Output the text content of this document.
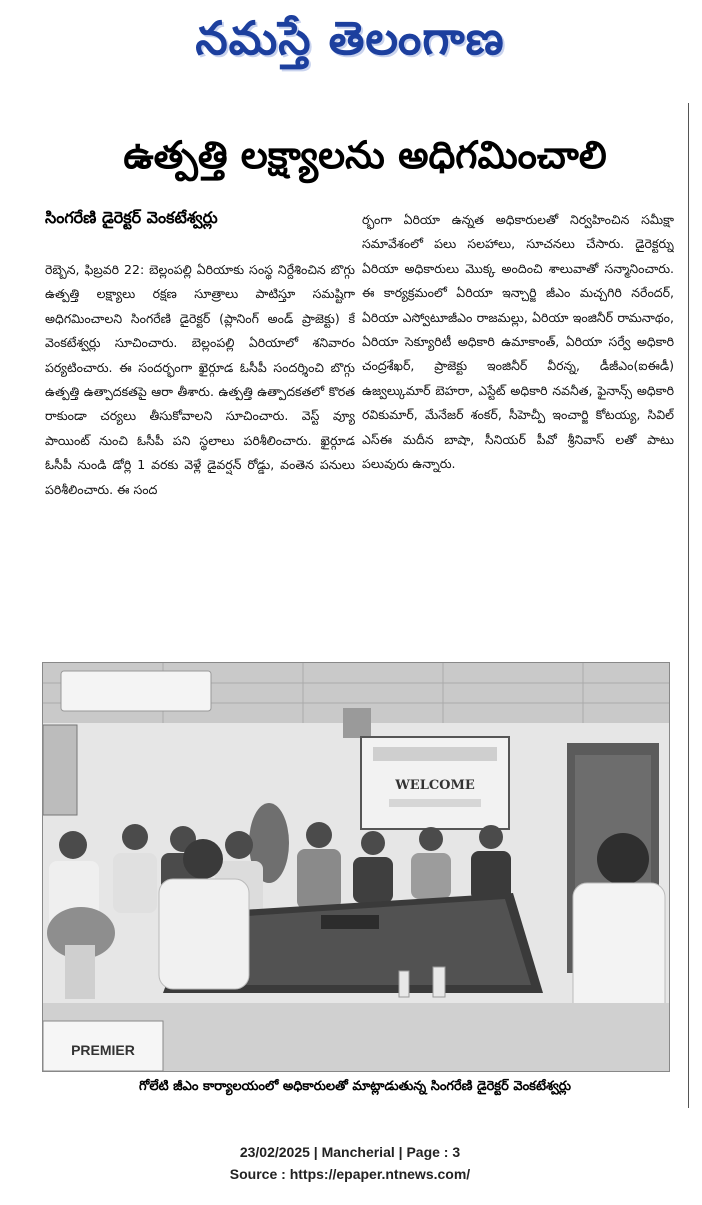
నమస్తే తెలంగాణ
ఉత్పత్తి లక్ష్యాలను అధిగమించాలి
సింగరేణి డైరెక్టర్ వెంకటేశ్వర్లు
రెబ్బెన, ఫిబ్రవరి 22: బెల్లంపల్లి ఏరియాకు సంస్థ నిర్దేశించిన బొగ్గు ఉత్పత్తి లక్ష్యాలు రక్షణ సూత్రాలు పాటిస్తూ సమష్టిగా అధిగమించాలని సింగరేణి డైరెక్టర్ (ప్లానింగ్ అండ్ ప్రాజెక్టు) కే వెంకటేశ్వర్లు సూచించారు. బెల్లంపల్లి ఏరియాలో శనివారం పర్యటించారు. ఈ సందర్భంగా ఖైర్గూడ ఓసీపీ సందర్శించి బొగ్గు ఉత్పత్తి ఉత్పాదకతపై ఆరా తీశారు. ఉత్పత్తి ఉత్పాదకతలో కొరత రాకుండా చర్యలు తీసుకోవాలని సూచించారు. వెస్ట్ వ్యూ పాయింట్ నుంచి ఓసీపీ పని స్థలాలు పరిశీలించారు. ఖైర్గూడ ఓసీపీ నుండి డోర్లి 1 వరకు వెళ్లే డైవర్షన్ రోడ్డు, వంతెన పనులు పరిశీలించారు. ఈ సంద
ర్భంగా ఏరియా ఉన్నత అధికారులతో నిర్వహించిన సమీక్షా సమావేశంలో పలు సలహాలు, సూచనలు చేసారు. డైరెక్టర్ను ఏరియా అధికారులు మొక్క అందించి శాలువాతో సన్మానించారు. ఈ కార్యక్రమంలో ఏరియా ఇన్చార్జి జీఎం మచ్చగిరి నరేందర్, ఏరియా ఎస్వోటూజీఎం రాజమల్లు, ఏరియా ఇంజినీర్ రామనాథం, ఏరియా సెక్యూరిటీ అధికారి ఉమాకాంత్, ఏరియా సర్వే అధికారి చంద్రశేఖర్, ప్రాజెక్టు ఇంజినీర్ వీరన్న, డీజీఎం(ఐఈడీ) ఉజ్వల్కుమార్ బెహరా, ఎస్టేట్ అధికారి నవనీత, ఫైనాన్స్ అధికారి రవికుమార్, మేనేజర్ శంకర్, సీహెచ్పీ ఇంచార్జి కోటయ్య, సివిల్ ఎస్ఈ మదీన బాషా, సీనియర్ పీవో శ్రీనివాస్ లతో పాటు పలువురు ఉన్నారు.
WELCOME
PREMIER
గోలేటి జీఎం కార్యాలయంలో అధికారులతో మాట్లాడుతున్న సింగరేణి డైరెక్టర్ వెంకటేశ్వర్లు
23/02/2025 | Mancherial | Page : 3
Source : https://epaper.ntnews.com/
